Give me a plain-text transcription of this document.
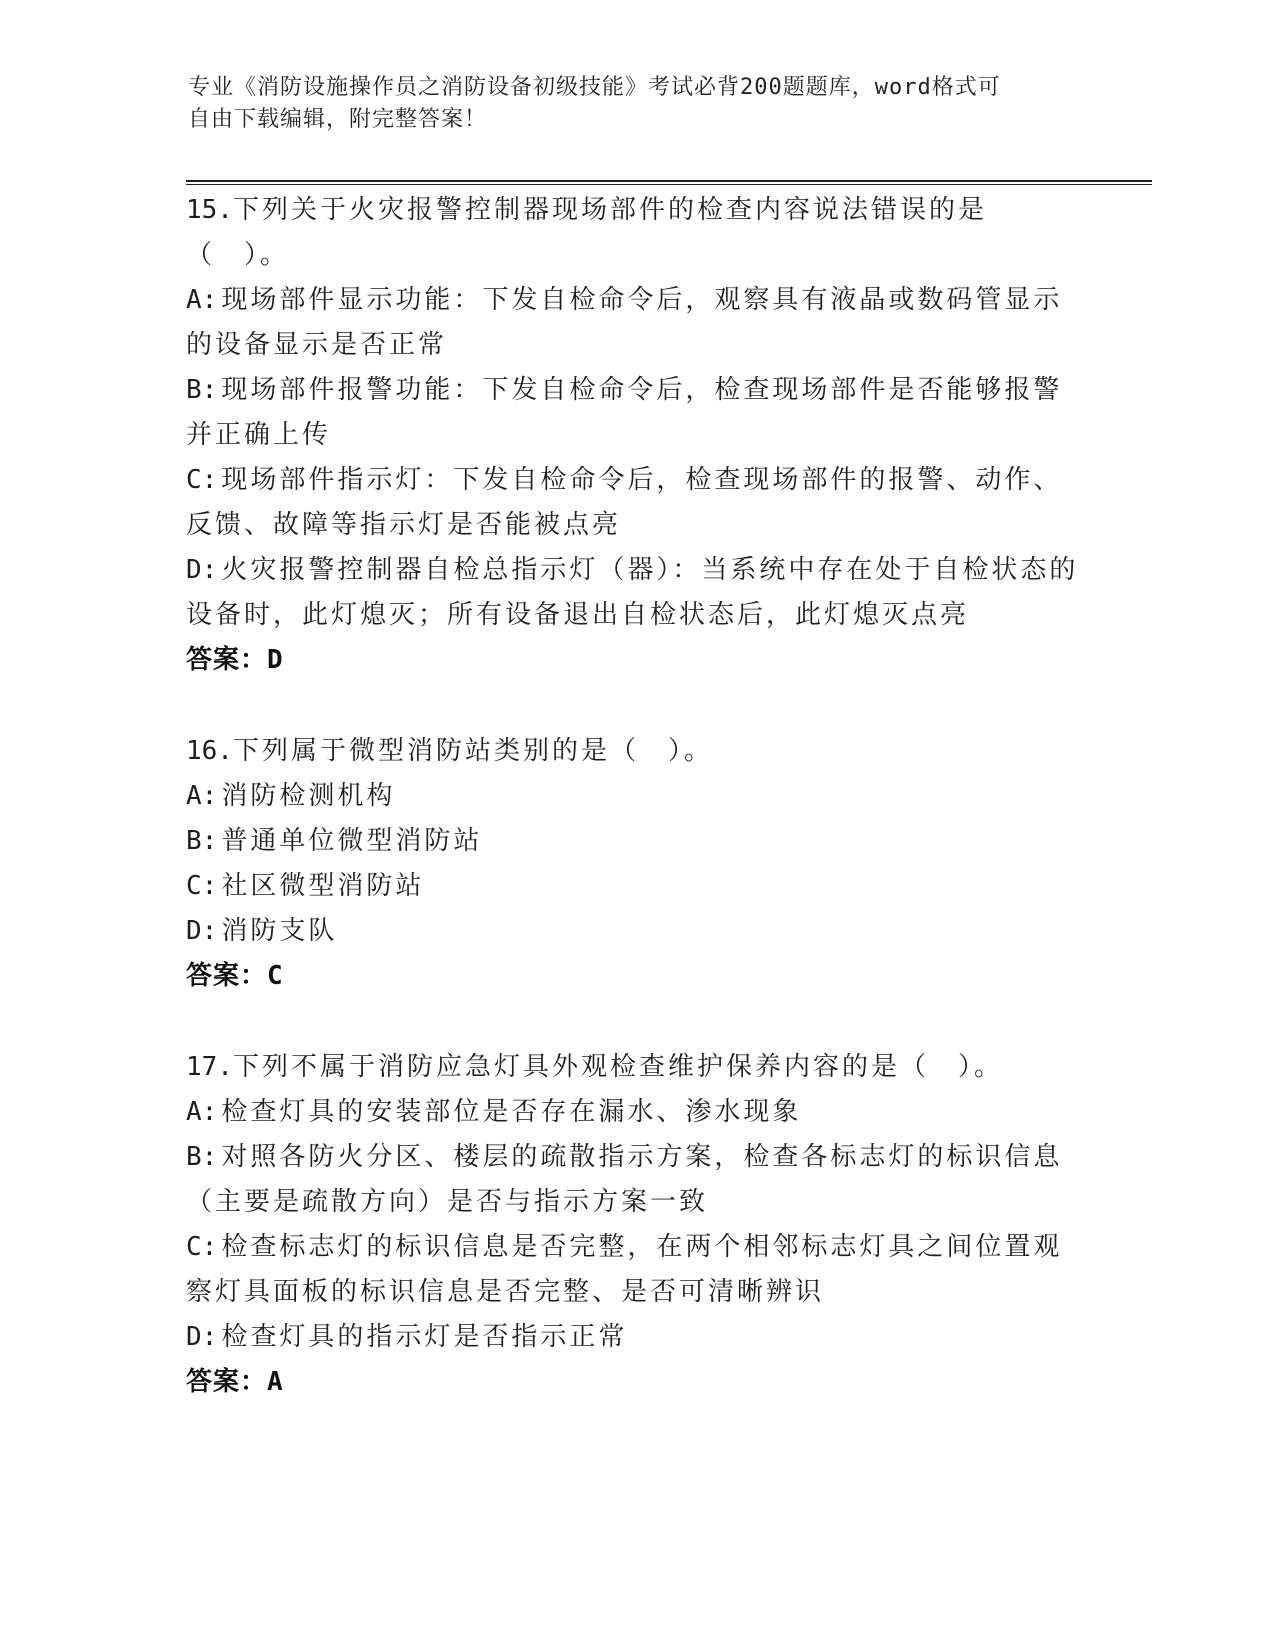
专业《消防设施操作员之消防设备初级技能》考试必背200题题库，word格式可
自由下载编辑，附完整答案！
15.下列关于火灾报警控制器现场部件的检查内容说法错误的是（　）。
A: 现场部件显示功能：下发自检命令后，观察具有液晶或数码管显示的设备显示是否正常
B: 现场部件报警功能：下发自检命令后，检查现场部件是否能够报警并正确上传
C: 现场部件指示灯：下发自检命令后，检查现场部件的报警、动作、反馈、故障等指示灯是否能被点亮
D: 火灾报警控制器自检总指示灯（器）：当系统中存在处于自检状态的设备时，此灯熄灭；所有设备退出自检状态后，此灯熄灭点亮
答案：D
16.下列属于微型消防站类别的是（　）。
A: 消防检测机构
B: 普通单位微型消防站
C: 社区微型消防站
D: 消防支队
答案：C
17.下列不属于消防应急灯具外观检查维护保养内容的是（　）。
A: 检查灯具的安装部位是否存在漏水、渗水现象
B: 对照各防火分区、楼层的疏散指示方案，检查各标志灯的标识信息（主要是疏散方向）是否与指示方案一致
C: 检查标志灯的标识信息是否完整，在两个相邻标志灯具之间位置观察灯具面板的标识信息是否完整、是否可清晰辨识
D: 检查灯具的指示灯是否指示正常
答案：A
